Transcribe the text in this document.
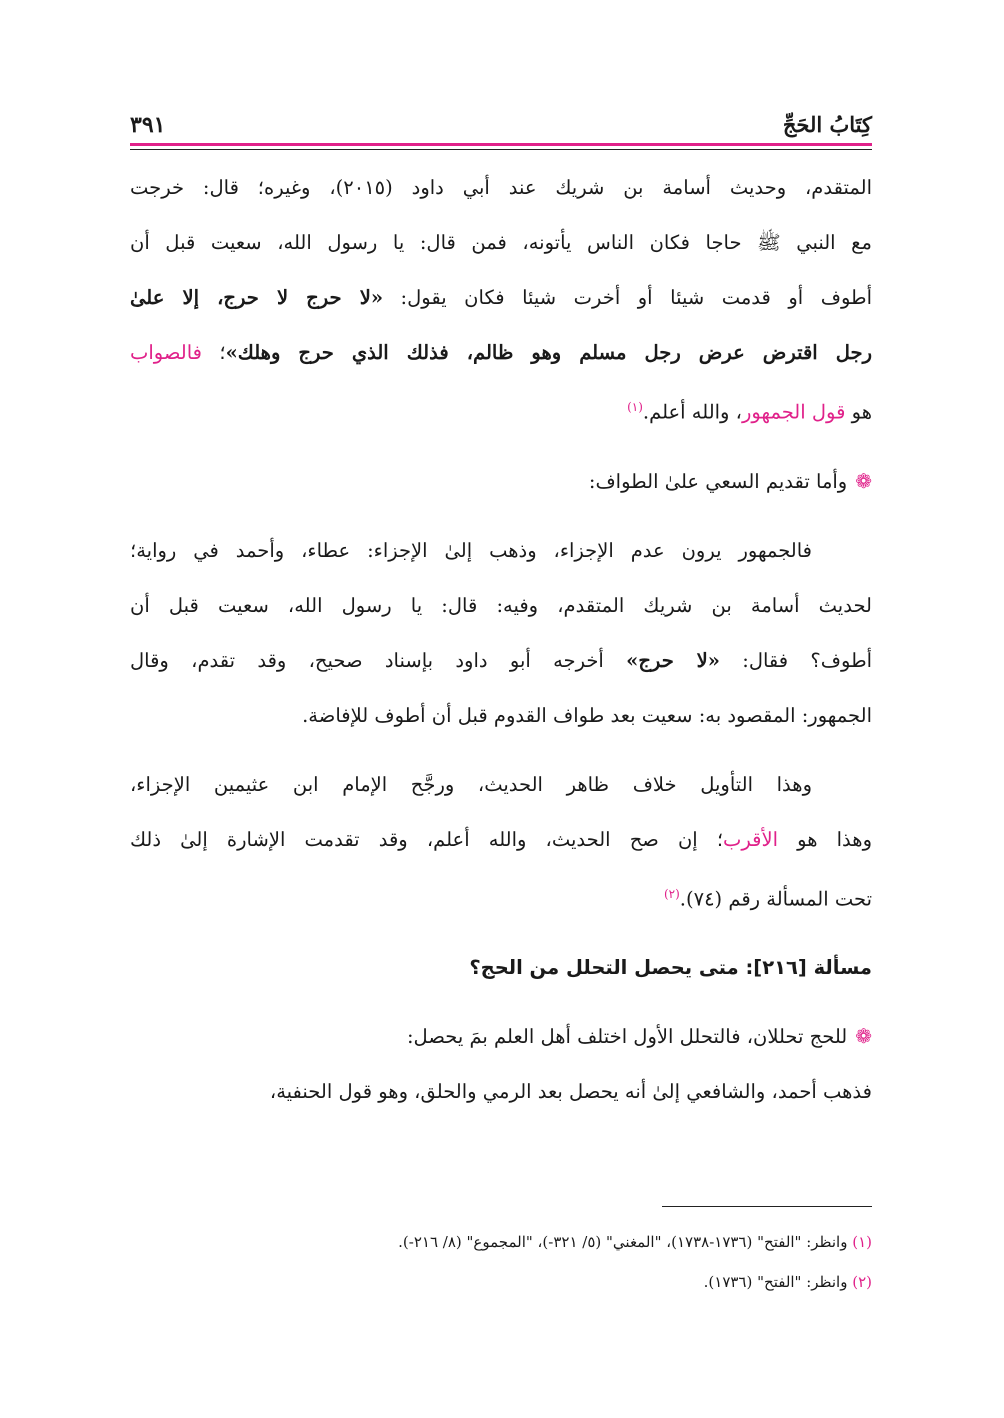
كِتَابُ الحَجِّ
٣٩١

المتقدم، وحديث أسامة بن شريك عند أبي داود (٢٠١٥)، وغيره؛ قال: خرجت

مع النبي ﷺ حاجا فكان الناس يأتونه، فمن قال: يا رسول الله، سعيت قبل أن

أطوف أو قدمت شيئا أو أخرت شيئا فكان يقول: «لا حرج لا حرج، إلا علىٰ

رجل اقترض عرض رجل مسلم وهو ظالم، فذلك الذي حرج وهلك»؛ فالصواب

هو قول الجمهور، والله أعلم.$^{(١)}$

❁وأما تقديم السعي علىٰ الطواف:

فالجمهور يرون عدم الإجزاء، وذهب إلىٰ الإجزاء: عطاء، وأحمد في رواية؛

لحديث أسامة بن شريك المتقدم، وفيه: قال: يا رسول الله، سعيت قبل أن

أطوف؟ فقال: «لا حرج» أخرجه أبو داود بإسناد صحيح، وقد تقدم، وقال

الجمهور: المقصود به: سعيت بعد طواف القدوم قبل أن أطوف للإفاضة.

وهذا التأويل خلاف ظاهر الحديث، ورجَّح الإمام ابن عثيمين الإجزاء،

وهذا هو الأقرب؛ إن صح الحديث، والله أعلم، وقد تقدمت الإشارة إلىٰ ذلك

تحت المسألة رقم (٧٤).$^{(٢)}$

مسألة [٢١٦]: متى يحصل التحلل من الحج؟

❁للحج تحللان، فالتحلل الأول اختلف أهل العلم بمَ يحصل:

فذهب أحمد، والشافعي إلىٰ أنه يحصل بعد الرمي والحلق، وهو قول الحنفية،

(١) وانظر: "الفتح" (١٧٣٦-١٧٣٨)، "المغني" (٥/ ٣٢١-)، "المجموع" (٨/ ٢١٦-).
(٢) وانظر: "الفتح" (١٧٣٦).
